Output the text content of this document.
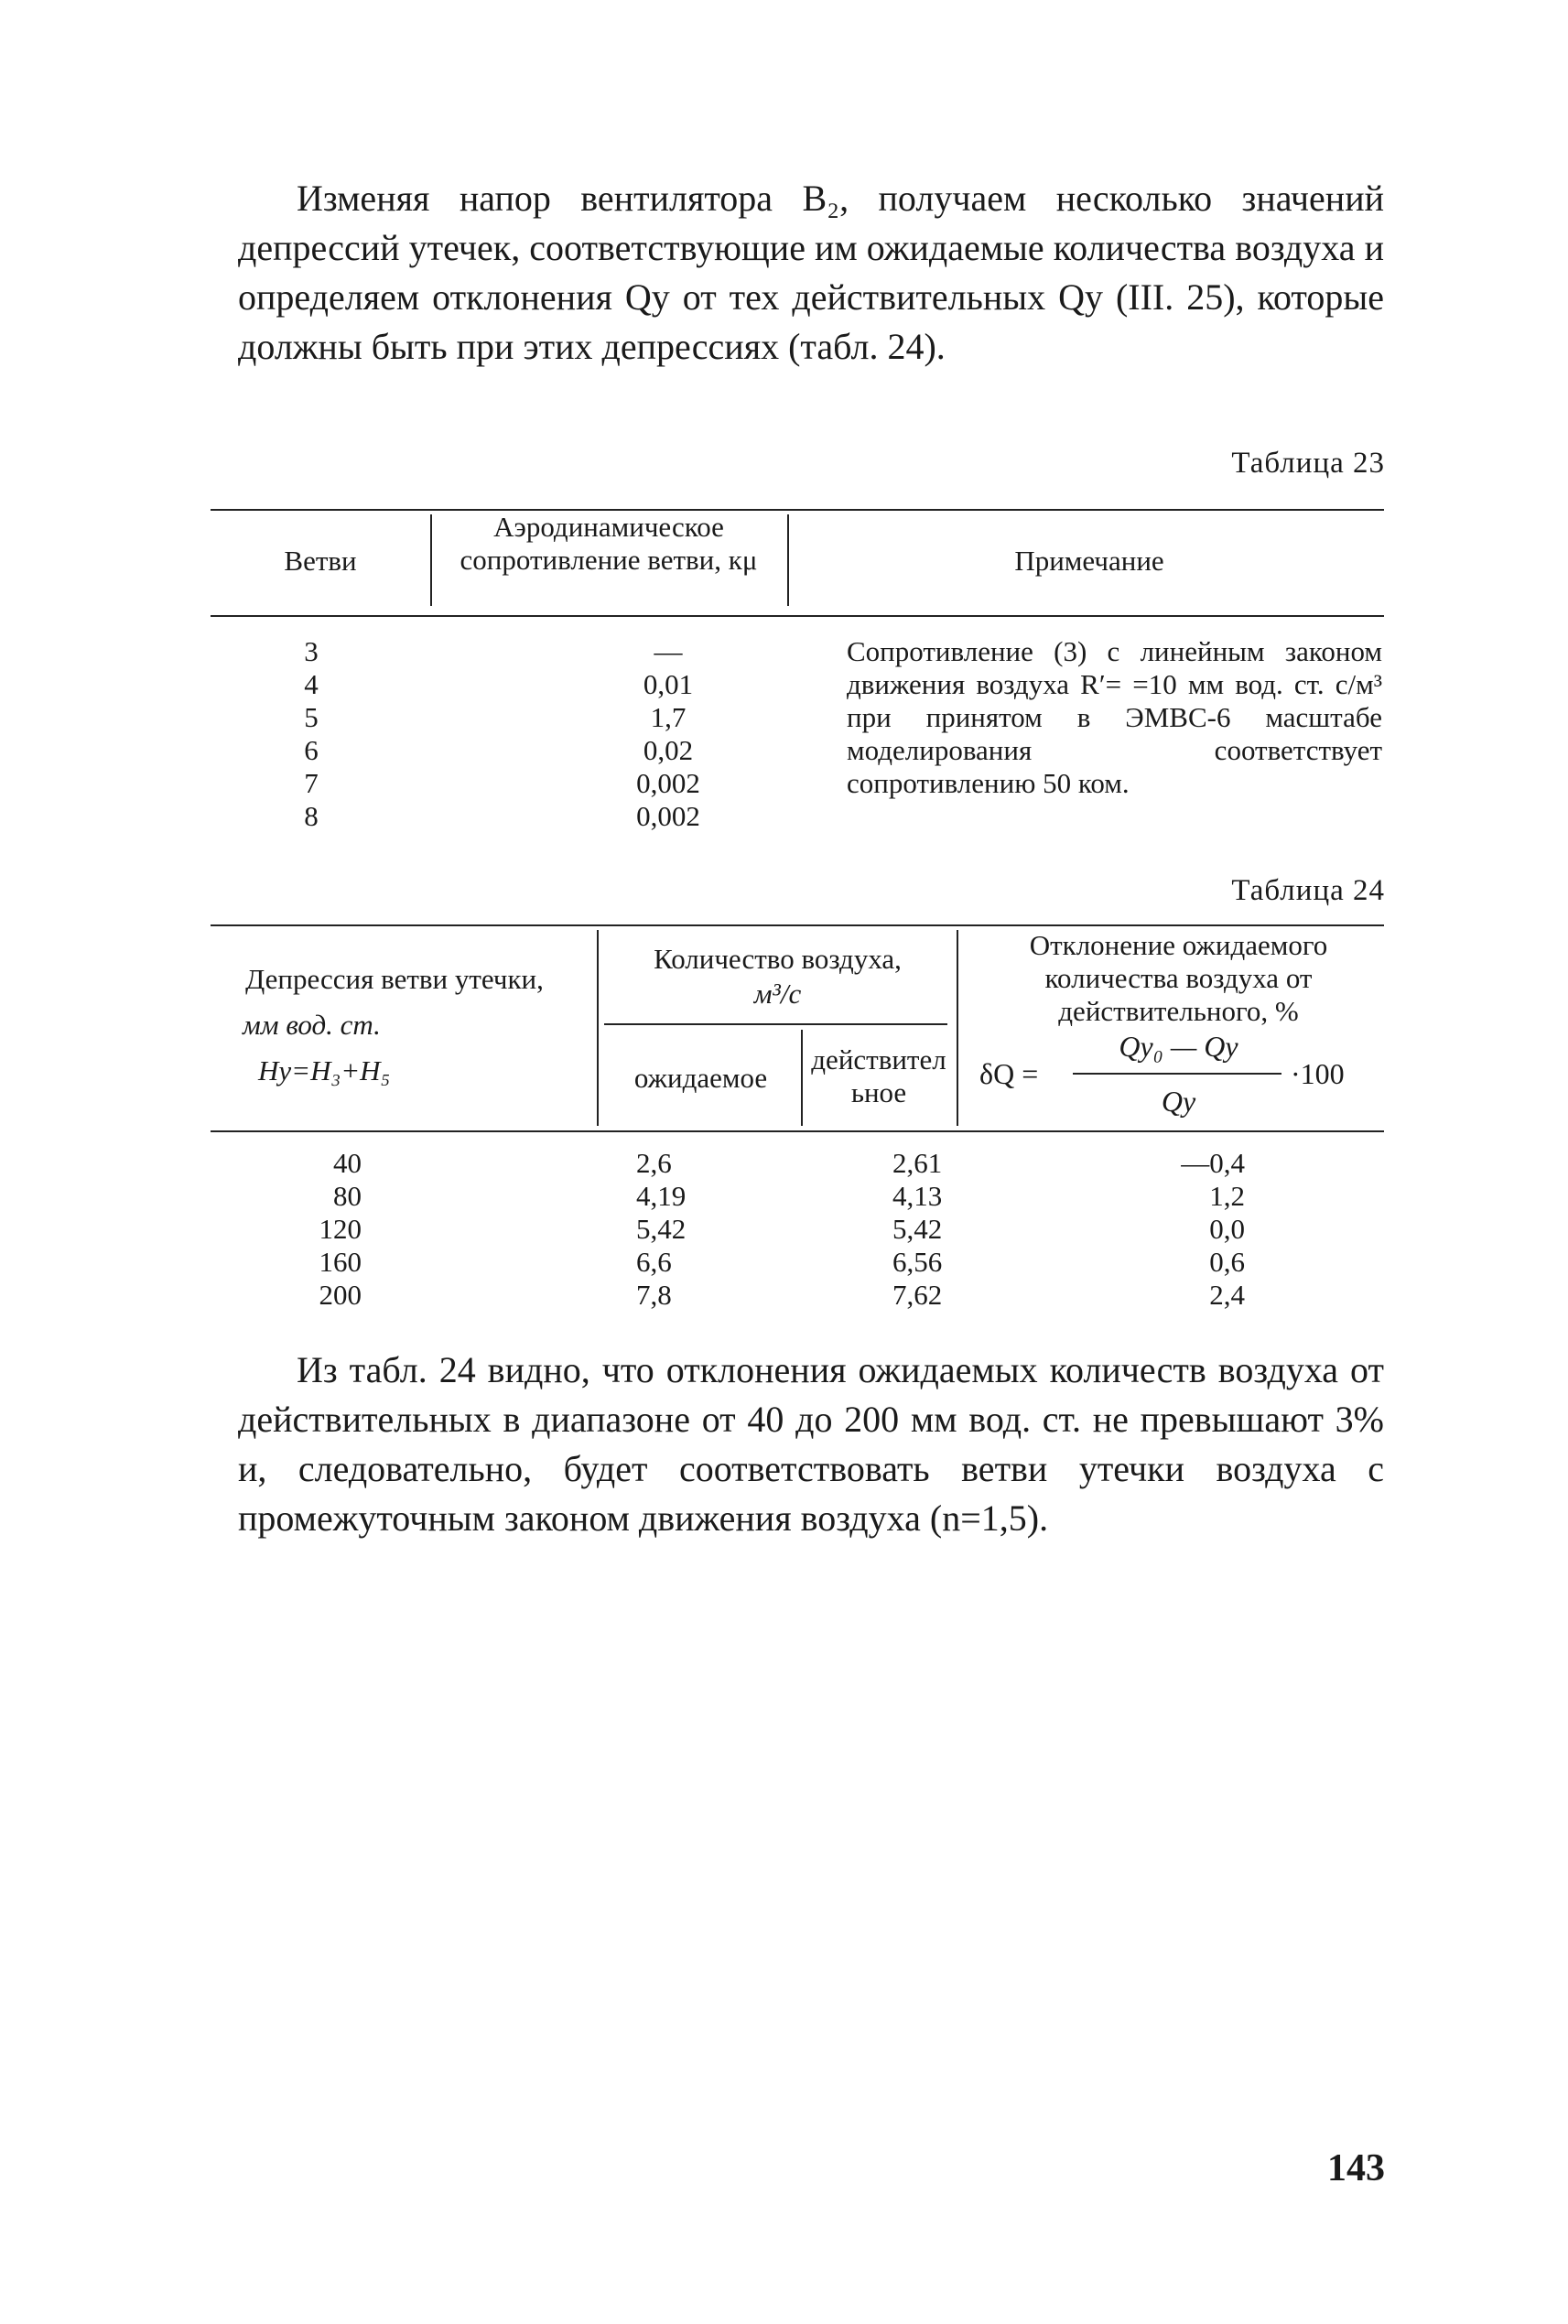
Изменяя напор вентилятора B₂, получаем несколько значений депрессий утечек, соответствующие им ожидаемые количества воздуха и определяем отклонения Qу от тех действительных Qу (III. 25), которые должны быть при этих депрессиях (табл. 24).
Таблица 23
Ветви
Аэродинамическое сопротивление ветви, кμ	Примечание
3
4
5
6
7
8
—
0,01
1,7
0,02
0,002
0,002
Сопротивление (3) с линейным законом движения воздуха R′= =10 мм вод. ст. с/м³ при принятом в ЭМВС-6 масштабе моделирования соответствует сопротивлению 50 ком.
Таблица 24
Депрессия ветви утечки,
мм вод. ст.
Hу=H₃+H₅
Количество воздуха,
м³/с
ожидаемое
действительное
Отклонение ожидаемого количества воздуха от действительного, %
δQ =
Qу₀ — Qу
Qу
·100
40
80
120
160
200
2,6
4,19
5,42
6,6
7,8
2,61
4,13
5,42
6,56
7,62
—0,4
1,2
0,0
0,6
2,4
Из табл. 24 видно, что отклонения ожидаемых количеств воздуха от действительных в диапазоне от 40 до 200 мм вод. ст. не превышают 3% и, следовательно, будет соответствовать ветви утечки воздуха с промежуточным законом движения воздуха (n=1,5).
143
